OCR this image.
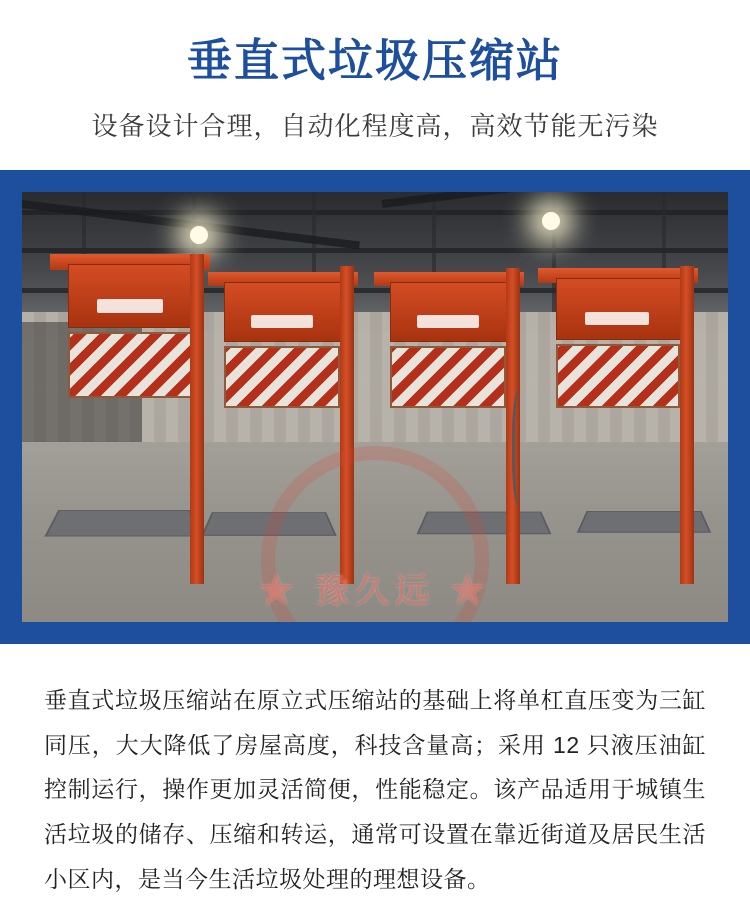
垂直式垃圾压缩站
设备设计合理，自动化程度高，高效节能无污染
★ 豫久远 ★
垂直式垃圾压缩站在原立式压缩站的基础上将单杠直压变为三缸同压，大大降低了房屋高度，科技含量高；采用 12 只液压油缸控制运行，操作更加灵活简便，性能稳定。该产品适用于城镇生活垃圾的储存、压缩和转运，通常可设置在靠近街道及居民生活小区内，是当今生活垃圾处理的理想设备。
